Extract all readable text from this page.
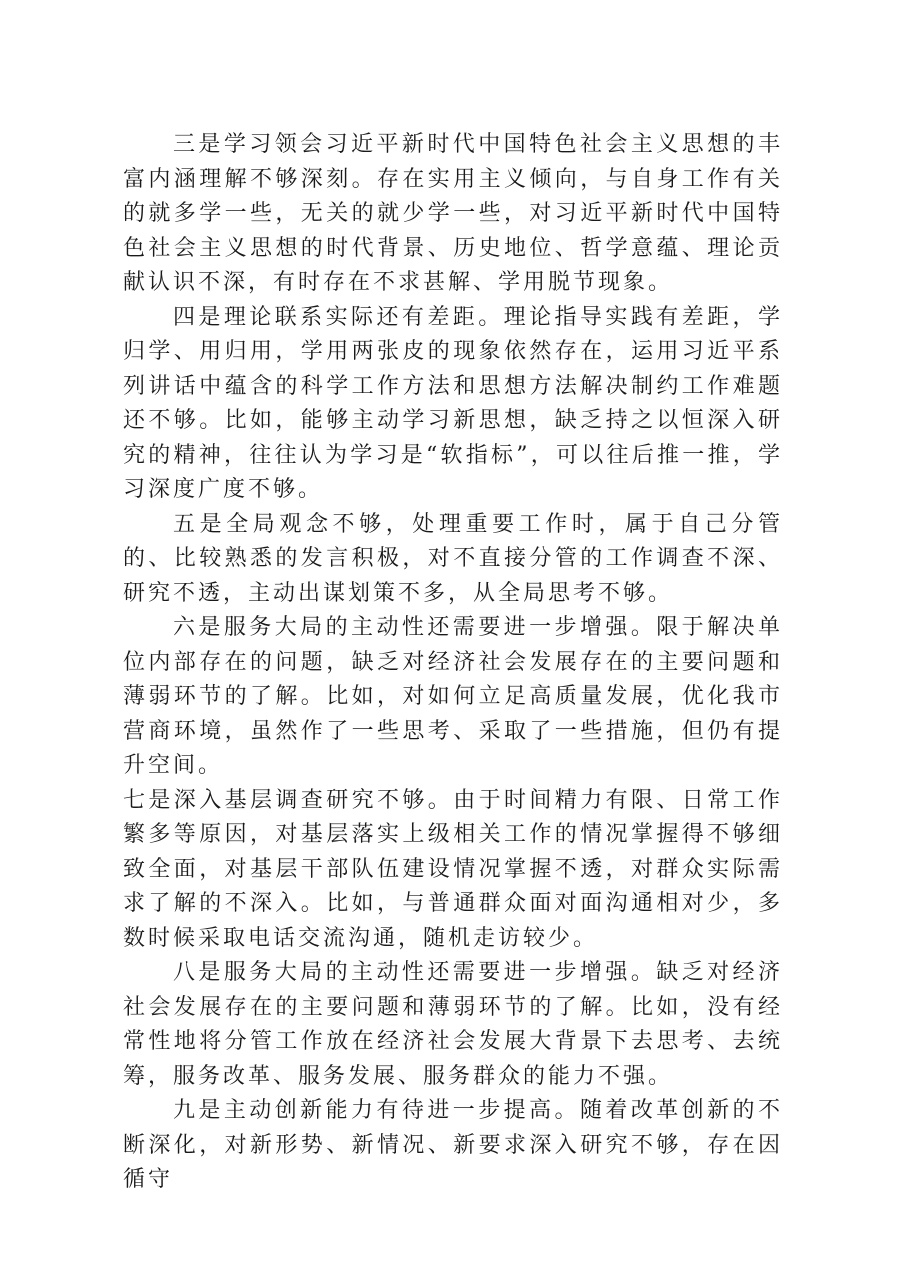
三是学习领会习近平新时代中国特色社会主义思想的丰富内涵理解不够深刻。存在实用主义倾向，与自身工作有关的就多学一些，无关的就少学一些，对习近平新时代中国特色社会主义思想的时代背景、历史地位、哲学意蕴、理论贡献认识不深，有时存在不求甚解、学用脱节现象。

四是理论联系实际还有差距。理论指导实践有差距，学归学、用归用，学用两张皮的现象依然存在，运用习近平系列讲话中蕴含的科学工作方法和思想方法解决制约工作难题还不够。比如，能够主动学习新思想，缺乏持之以恒深入研究的精神，往往认为学习是“软指标”，可以往后推一推，学习深度广度不够。

五是全局观念不够，处理重要工作时，属于自己分管的、比较熟悉的发言积极，对不直接分管的工作调查不深、研究不透，主动出谋划策不多，从全局思考不够。

六是服务大局的主动性还需要进一步增强。限于解决单位内部存在的问题，缺乏对经济社会发展存在的主要问题和薄弱环节的了解。比如，对如何立足高质量发展，优化我市营商环境，虽然作了一些思考、采取了一些措施，但仍有提升空间。

七是深入基层调查研究不够。由于时间精力有限、日常工作繁多等原因，对基层落实上级相关工作的情况掌握得不够细致全面，对基层干部队伍建设情况掌握不透，对群众实际需求了解的不深入。比如，与普通群众面对面沟通相对少，多数时候采取电话交流沟通，随机走访较少。

八是服务大局的主动性还需要进一步增强。缺乏对经济社会发展存在的主要问题和薄弱环节的了解。比如，没有经常性地将分管工作放在经济社会发展大背景下去思考、去统筹，服务改革、服务发展、服务群众的能力不强。

九是主动创新能力有待进一步提高。随着改革创新的不断深化，对新形势、新情况、新要求深入研究不够，存在因循守
